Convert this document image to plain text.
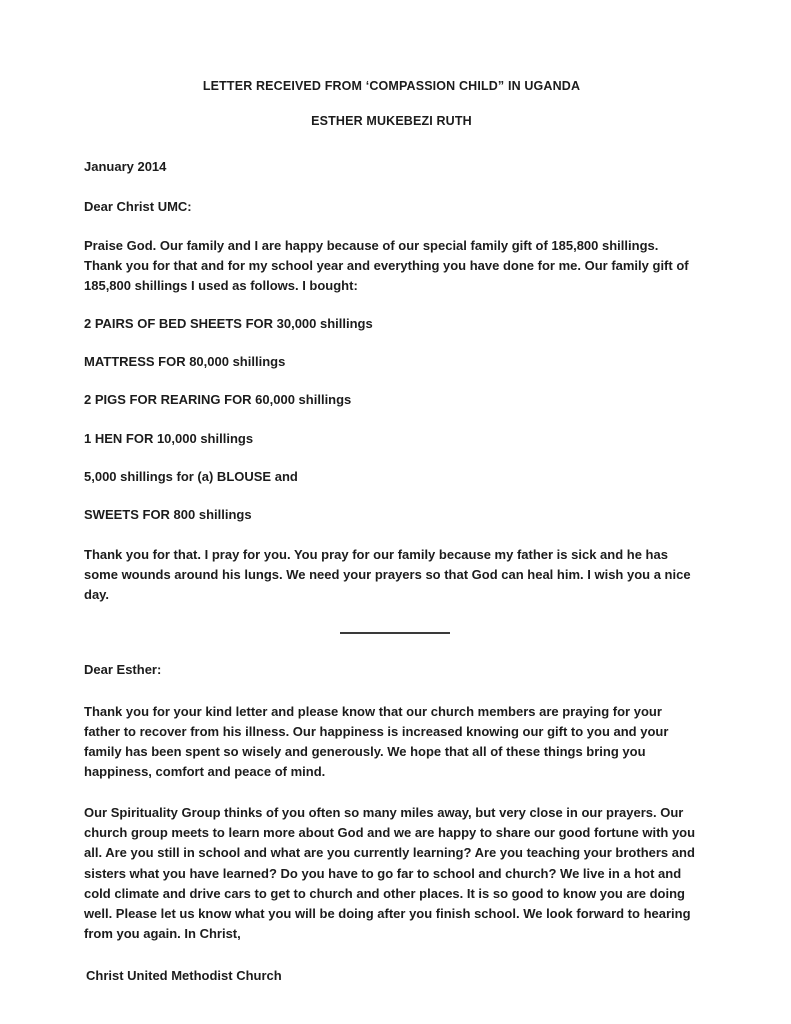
LETTER RECEIVED FROM ‘COMPASSION CHILD” IN UGANDA
ESTHER MUKEBEZI RUTH
January 2014
Dear Christ UMC:
Praise God. Our family and I are happy because of our special family gift of 185,800 shillings. Thank you for that and for my school year and everything you have done for me. Our family gift of 185,800 shillings I used as follows. I bought:
2 PAIRS OF BED SHEETS FOR 30,000 shillings
MATTRESS FOR 80,000 shillings
2 PIGS FOR REARING FOR 60,000 shillings
1 HEN FOR 10,000 shillings
5,000 shillings for (a) BLOUSE and
SWEETS FOR 800 shillings
Thank you for that. I pray for you. You pray for our family because my father is sick and he has some wounds around his lungs. We need your prayers so that God can heal him. I wish you a nice day.
Dear Esther:
Thank you for your kind letter and please know that our church members are praying for your father to recover from his illness. Our happiness is increased knowing our gift to you and your family has been spent so wisely and generously. We hope that all of these things bring you happiness, comfort and peace of mind.
Our Spirituality Group thinks of you often so many miles away, but very close in our prayers. Our church group meets to learn more about God and we are happy to share our good fortune with you all. Are you still in school and what are you currently learning? Are you teaching your brothers and sisters what you have learned? Do you have to go far to school and church? We live in a hot and cold climate and drive cars to get to church and other places. It is so good to know you are doing well. Please let us know what you will be doing after you finish school. We look forward to hearing from you again. In Christ,
Christ United Methodist Church
